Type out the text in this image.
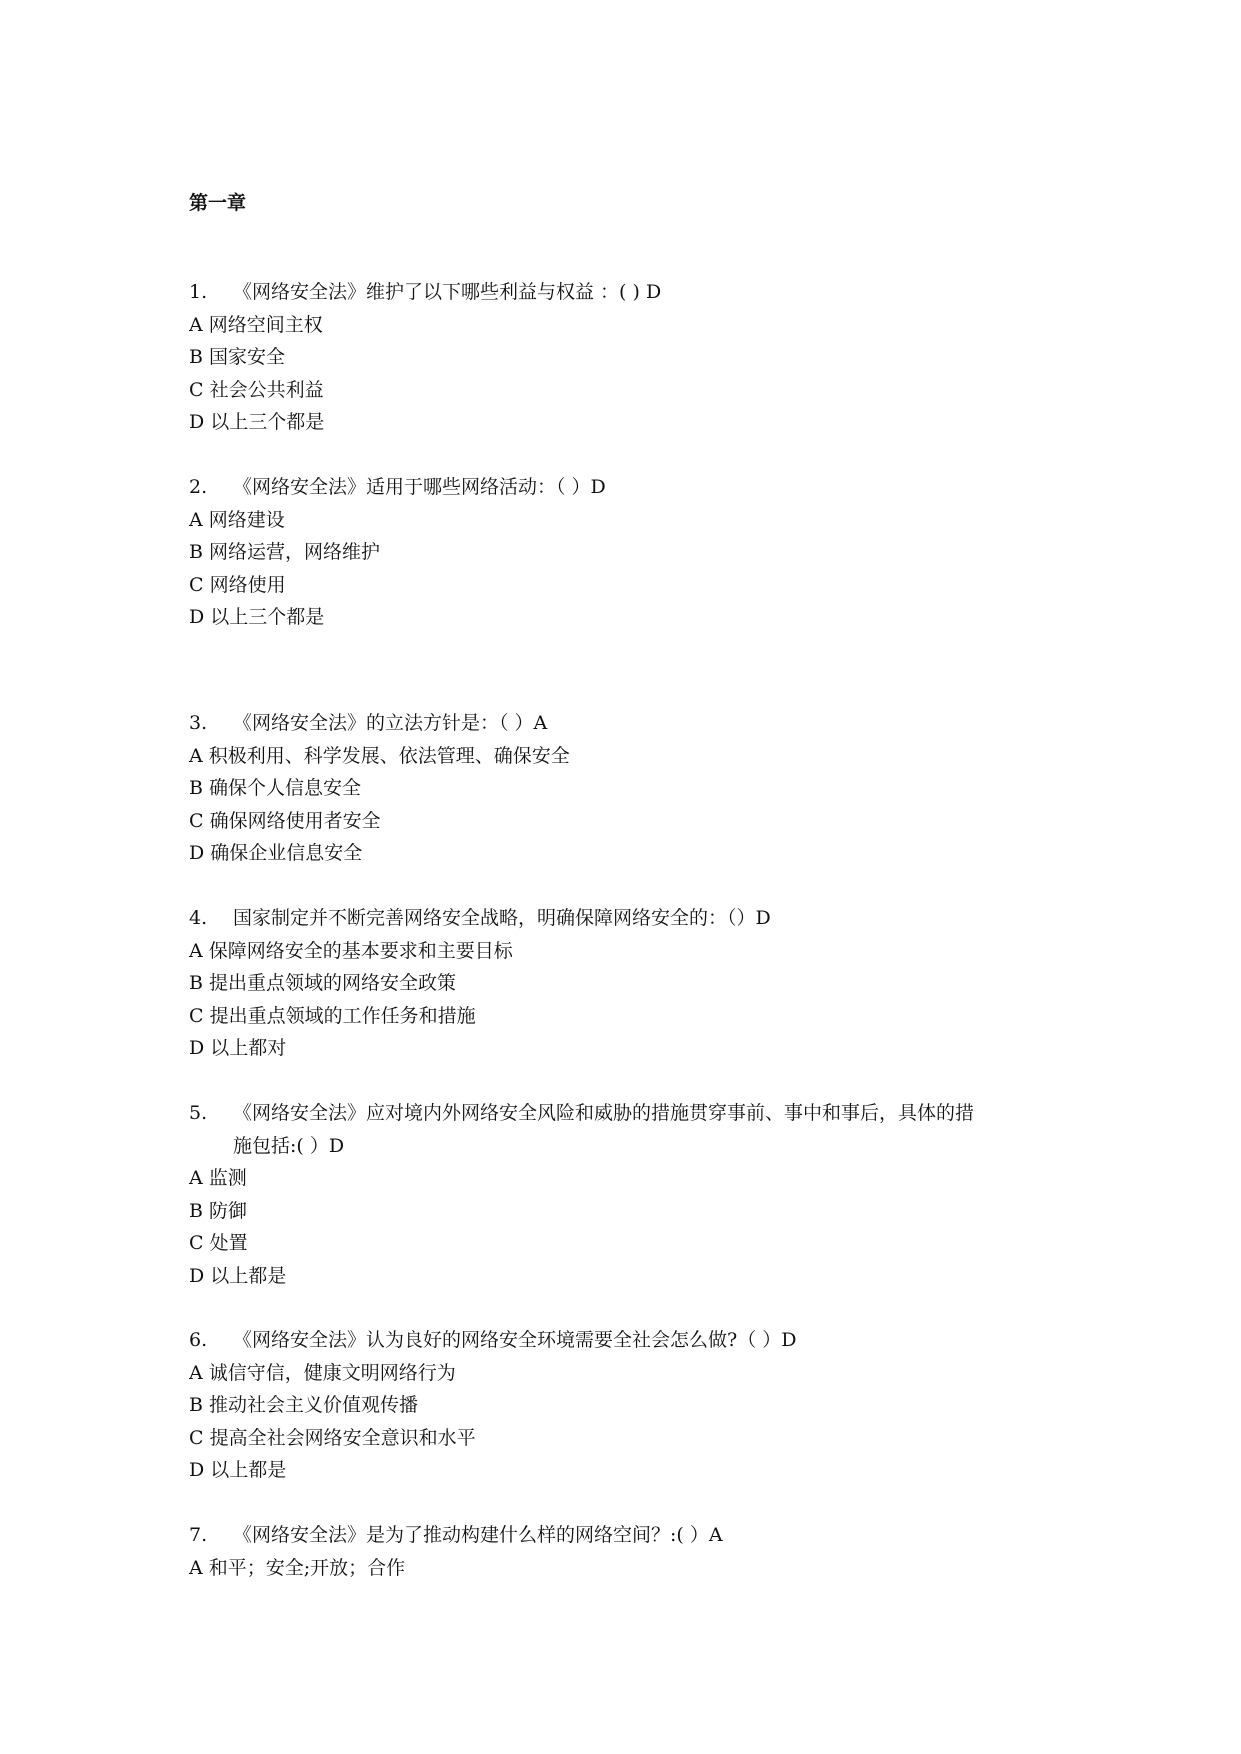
第一章
1.	《网络安全法》维护了以下哪些利益与权益 ：( ) D
A 网络空间主权
B 国家安全
C 社会公共利益
D 以上三个都是
2.	《网络安全法》适用于哪些网络活动：（ ）D
A 网络建设
B 网络运营，网络维护
C 网络使用
D 以上三个都是
3.	《网络安全法》的立法方针是：（ ）A
A 积极利用、科学发展、依法管理、确保安全
B 确保个人信息安全
C 确保网络使用者安全
D 确保企业信息安全
4.	国家制定并不断完善网络安全战略，明确保障网络安全的：（）D
A 保障网络安全的基本要求和主要目标
B 提出重点领域的网络安全政策
C 提出重点领域的工作任务和措施
D 以上都对
5.	《网络安全法》应对境内外网络安全风险和威胁的措施贯穿事前、事中和事后，具体的措
施包括:( ）D
A 监测
B 防御
C 处置
D 以上都是
6.	《网络安全法》认为良好的网络安全环境需要全社会怎么做?（ ）D
A 诚信守信，健康文明网络行为
B 推动社会主义价值观传播
C 提高全社会网络安全意识和水平
D 以上都是
7.	《网络安全法》是为了推动构建什么样的网络空间？:( ）A
A 和平；安全;开放；合作
